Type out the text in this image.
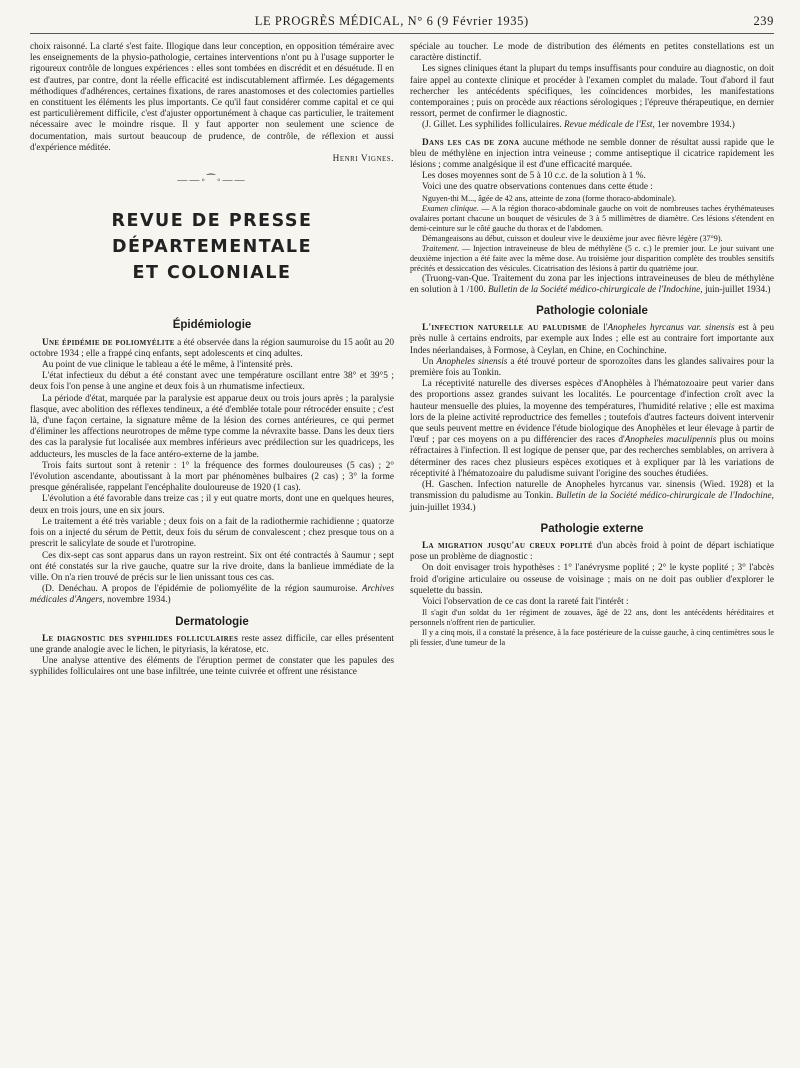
LE PROGRÈS MÉDICAL, N° 6 (9 Février 1935)	239

choix raisonné. La clarté s'est faite. Illogique dans leur conception, en opposition téméraire avec les enseignements de la physio-pathologie, certaines interventions n'ont pu à l'usage supporter le rigoureux contrôle de longues expériences : elles sont tombées en discrédit et en désuétude. Il en est d'autres, par contre, dont la réelle efficacité est indiscutablement affirmée. Les dégagements méthodiques d'adhérences, certaines fixations, de rares anastomoses et des colectomies partielles en constituent les éléments les plus importants. Ce qu'il faut considérer comme capital et ce qui est particulièrement difficile, c'est d'ajuster opportunément à chaque cas particulier, le traitement nécessaire avec le moindre risque. Il y faut apporter non seulement une science de documentation, mais surtout beaucoup de prudence, de contrôle, de réflexion et aussi d'expérience méditée.

Henri Vignes.

——◦⁀◦——
REVUE DE PRESSE DÉPARTEMENTALE
ET COLONIALE
Épidémiologie

Une épidémie de poliomyélite a été observée dans la région saumuroise du 15 août au 20 octobre 1934 ; elle a frappé cinq enfants, sept adolescents et cinq adultes.

Au point de vue clinique le tableau a été le même, à l'intensité près.

L'état infectieux du début a été constant avec une température oscillant entre 38° et 39°5 ; deux fois l'on pense à une angine et deux fois à un rhumatisme infectieux.

La période d'état, marquée par la paralysie est apparue deux ou trois jours après ; la paralysie flasque, avec abolition des réflexes tendineux, a été d'emblée totale pour rétrocéder ensuite ; c'est là, d'une façon certaine, la signature même de la lésion des cornes antérieures, ce qui permet d'éliminer les affections neurotropes de même type comme la névraxite basse. Dans les deux tiers des cas la paralysie fut localisée aux membres inférieurs avec prédilection sur les quadriceps, les adducteurs, les muscles de la face antéro-externe de la jambe.

Trois faits surtout sont à retenir : 1° la fréquence des formes douloureuses (5 cas) ; 2° l'évolution ascendante, aboutissant à la mort par phénomènes bulbaires (2 cas) ; 3° la forme presque généralisée, rappelant l'encéphalite douloureuse de 1920 (1 cas).

L'évolution a été favorable dans treize cas ; il y eut quatre morts, dont une en quelques heures, deux en trois jours, une en six jours.

Le traitement a été très variable ; deux fois on a fait de la radiothermie rachidienne ; quatorze fois on a injecté du sérum de Pettit, deux fois du sérum de convalescent ; chez presque tous on a prescrit le salicylate de soude et l'urotropine.

Ces dix-sept cas sont apparus dans un rayon restreint. Six ont été contractés à Saumur ; sept ont été constatés sur la rive gauche, quatre sur la rive droite, dans la banlieue immédiate de la ville. On n'a rien trouvé de précis sur le lien unissant tous ces cas.

(D. Denéchau. A propos de l'épidémie de poliomyélite de la région saumuroise. Archives médicales d'Angers, novembre 1934.)

Dermatologie

Le diagnostic des syphilides folliculaires reste assez difficile, car elles présentent une grande analogie avec le lichen, le pityriasis, la kératose, etc.

Une analyse attentive des éléments de l'éruption permet de constater que les papules des syphilides folliculaires ont une base infiltrée, une teinte cuivrée et offrent une résistance

spéciale au toucher. Le mode de distribution des éléments en petites constellations est un caractère distinctif.

Les signes cliniques étant la plupart du temps insuffisants pour conduire au diagnostic, on doit faire appel au contexte clinique et procéder à l'examen complet du malade. Tout d'abord il faut rechercher les antécédents spécifiques, les coïncidences morbides, les manifestations contemporaines ; puis on procède aux réactions sérologiques ; l'épreuve thérapeutique, en dernier ressort, permet de confirmer le diagnostic.

(J. Gillet. Les syphilides folliculaires. Revue médicale de l'Est, 1er novembre 1934.)

Dans les cas de zona aucune méthode ne semble donner de résultat aussi rapide que le bleu de méthylène en injection intra veineuse ; comme antiseptique il cicatrice rapidement les lésions ; comme analgésique il est d'une efficacité marquée.

Les doses moyennes sont de 5 à 10 c.c. de la solution à 1 %.

Voici une des quatre observations contenues dans cette étude :

Nguyen-thi M..., âgée de 42 ans, atteinte de zona (forme thoraco-abdominale).

Examen clinique. — A la région thoraco-abdominale gauche on voit de nombreuses taches érythémateuses ovalaires portant chacune un bouquet de vésicules de 3 à 5 millimètres de diamètre. Ces lésions s'étendent en demi-ceinture sur le côté gauche du thorax et de l'abdomen.

Démangeaisons au début, cuisson et douleur vive le deuxième jour avec fièvre légère (37°9).

Traitement. — Injection intraveineuse de bleu de méthylène (5 c. c.) le premier jour. Le jour suivant une deuxième injection a été faite avec la même dose. Au troisième jour disparition complète des troubles sensitifs précités et dessiccation des vésicules. Cicatrisation des lésions à partir du quatrième jour.

(Truong-van-Que. Traitement du zona par les injections intraveineuses de bleu de méthylène en solution à 1 /100. Bulletin de la Société médico-chirurgicale de l'Indochine, juin-juillet 1934.)

Pathologie coloniale

L'infection naturelle au paludisme de l'Anopheles hyrcanus var. sinensis est à peu près nulle à certains endroits, par exemple aux Indes ; elle est au contraire fort importante aux Indes néerlandaises, à Formose, à Ceylan, en Chine, en Cochinchine.

Un Anopheles sinensis a été trouvé porteur de sporozoïtes dans les glandes salivaires pour la première fois au Tonkin.

La réceptivité naturelle des diverses espèces d'Anophèles à l'hématozoaire peut varier dans des proportions assez grandes suivant les localités. Le pourcentage d'infection croît avec la hauteur mensuelle des pluies, la moyenne des températures, l'humidité relative ; elle est maxima lors de la pleine activité reproductrice des femelles ; toutefois d'autres facteurs doivent intervenir que seuls peuvent mettre en évidence l'étude biologique des Anophèles et leur élevage à partir de l'œuf ; par ces moyens on a pu différencier des races d'Anopheles maculipennis plus ou moins réfractaires à l'infection. Il est logique de penser que, par des recherches semblables, on arrivera à déterminer des races chez plusieurs espèces exotiques et à expliquer par là les variations de réceptivité à l'hématozoaire du paludisme suivant l'origine des souches étudiées.

(H. Gaschen. Infection naturelle de Anopheles hyrcanus var. sinensis (Wied. 1928) et la transmission du paludisme au Tonkin. Bulletin de la Société médico-chirurgicale de l'Indochine, juin-juillet 1934.)

Pathologie externe

La migration jusqu'au creux poplité d'un abcès froid à point de départ ischiatique pose un problème de diagnostic :

On doit envisager trois hypothèses : 1° l'anévrysme poplité ; 2° le kyste poplité ; 3° l'abcès froid d'origine articulaire ou osseuse de voisinage ; mais on ne doit pas oublier d'explorer le squelette du bassin.

Voici l'observation de ce cas dont la rareté fait l'intérêt :

Il s'agit d'un soldat du 1er régiment de zouaves, âgé de 22 ans, dont les antécédents héréditaires et personnels n'offrent rien de particulier.

Il y a cinq mois, il a constaté la présence, à la face postérieure de la cuisse gauche, à cinq centimètres sous le pli fessier, d'une tumeur de la
